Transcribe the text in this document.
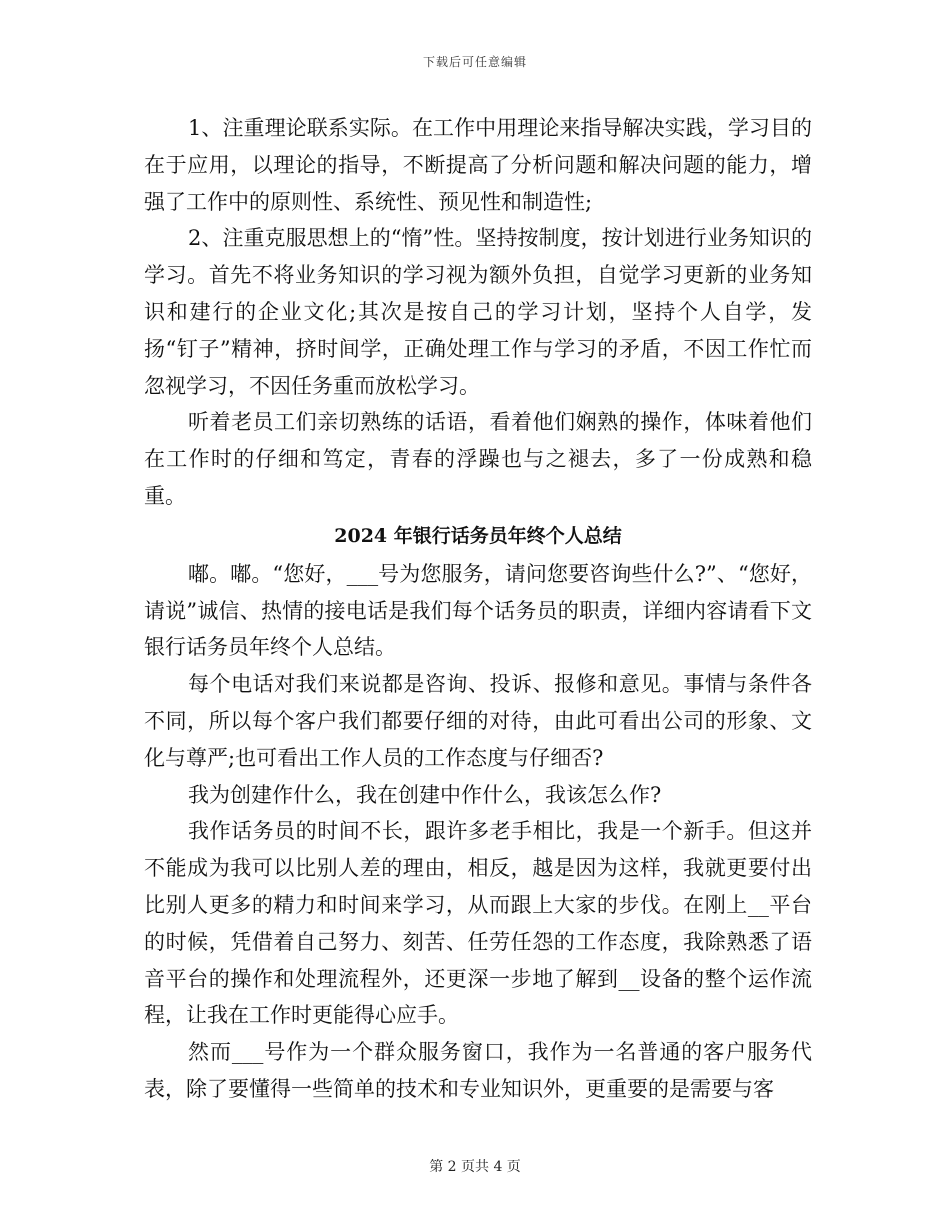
下载后可任意编辑

1、注重理论联系实际。在工作中用理论来指导解决实践，学习目的在于应用，以理论的指导，不断提高了分析问题和解决问题的能力，增强了工作中的原则性、系统性、预见性和制造性;

2、注重克服思想上的“惰”性。坚持按制度，按计划进行业务知识的学习。首先不将业务知识的学习视为额外负担，自觉学习更新的业务知识和建行的企业文化;其次是按自己的学习计划，坚持个人自学，发扬“钉子”精神，挤时间学，正确处理工作与学习的矛盾，不因工作忙而忽视学习，不因任务重而放松学习。

听着老员工们亲切熟练的话语，看着他们娴熟的操作，体味着他们在工作时的仔细和笃定，青春的浮躁也与之褪去，多了一份成熟和稳重。

2024 年银行话务员年终个人总结

嘟。嘟。“您好，___号为您服务，请问您要咨询些什么?”、“您好，请说”诚信、热情的接电话是我们每个话务员的职责，详细内容请看下文银行话务员年终个人总结。

每个电话对我们来说都是咨询、投诉、报修和意见。事情与条件各不同，所以每个客户我们都要仔细的对待，由此可看出公司的形象、文化与尊严;也可看出工作人员的工作态度与仔细否?

我为创建作什么，我在创建中作什么，我该怎么作?

我作话务员的时间不长，跟许多老手相比，我是一个新手。但这并不能成为我可以比别人差的理由，相反，越是因为这样，我就更要付出比别人更多的精力和时间来学习，从而跟上大家的步伐。在刚上__平台的时候，凭借着自己努力、刻苦、任劳任怨的工作态度，我除熟悉了语音平台的操作和处理流程外，还更深一步地了解到__设备的整个运作流程，让我在工作时更能得心应手。

然而___号作为一个群众服务窗口，我作为一名普通的客户服务代表，除了要懂得一些简单的技术和专业知识外，更重要的是需要与客

第 2 页共 4 页
